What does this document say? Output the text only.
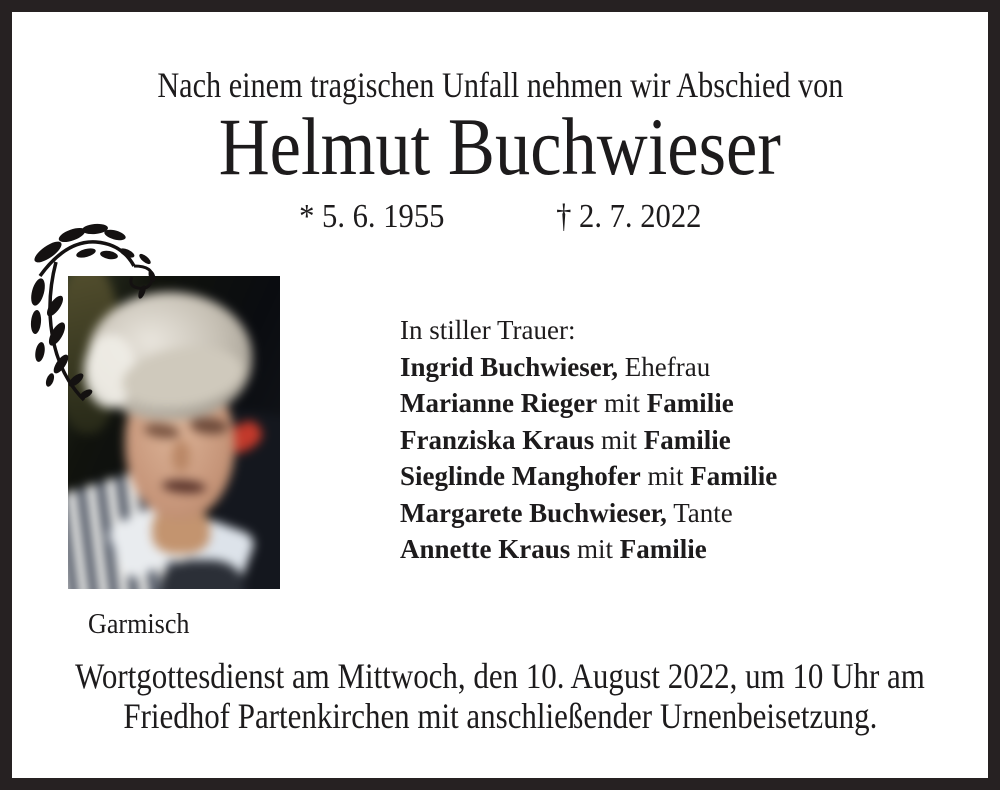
Nach einem tragischen Unfall nehmen wir Abschied von
Helmut Buchwieser
* 5. 6. 1955	† 2. 7. 2022
In stiller Trauer:
Ingrid Buchwieser, Ehefrau
Marianne Rieger mit Familie
Franziska Kraus mit Familie
Sieglinde Manghofer mit Familie
Margarete Buchwieser, Tante
Annette Kraus mit Familie
Garmisch
Wortgottesdienst am Mittwoch, den 10. August 2022, um 10 Uhr am
Friedhof Partenkirchen mit anschließender Urnenbeisetzung.
